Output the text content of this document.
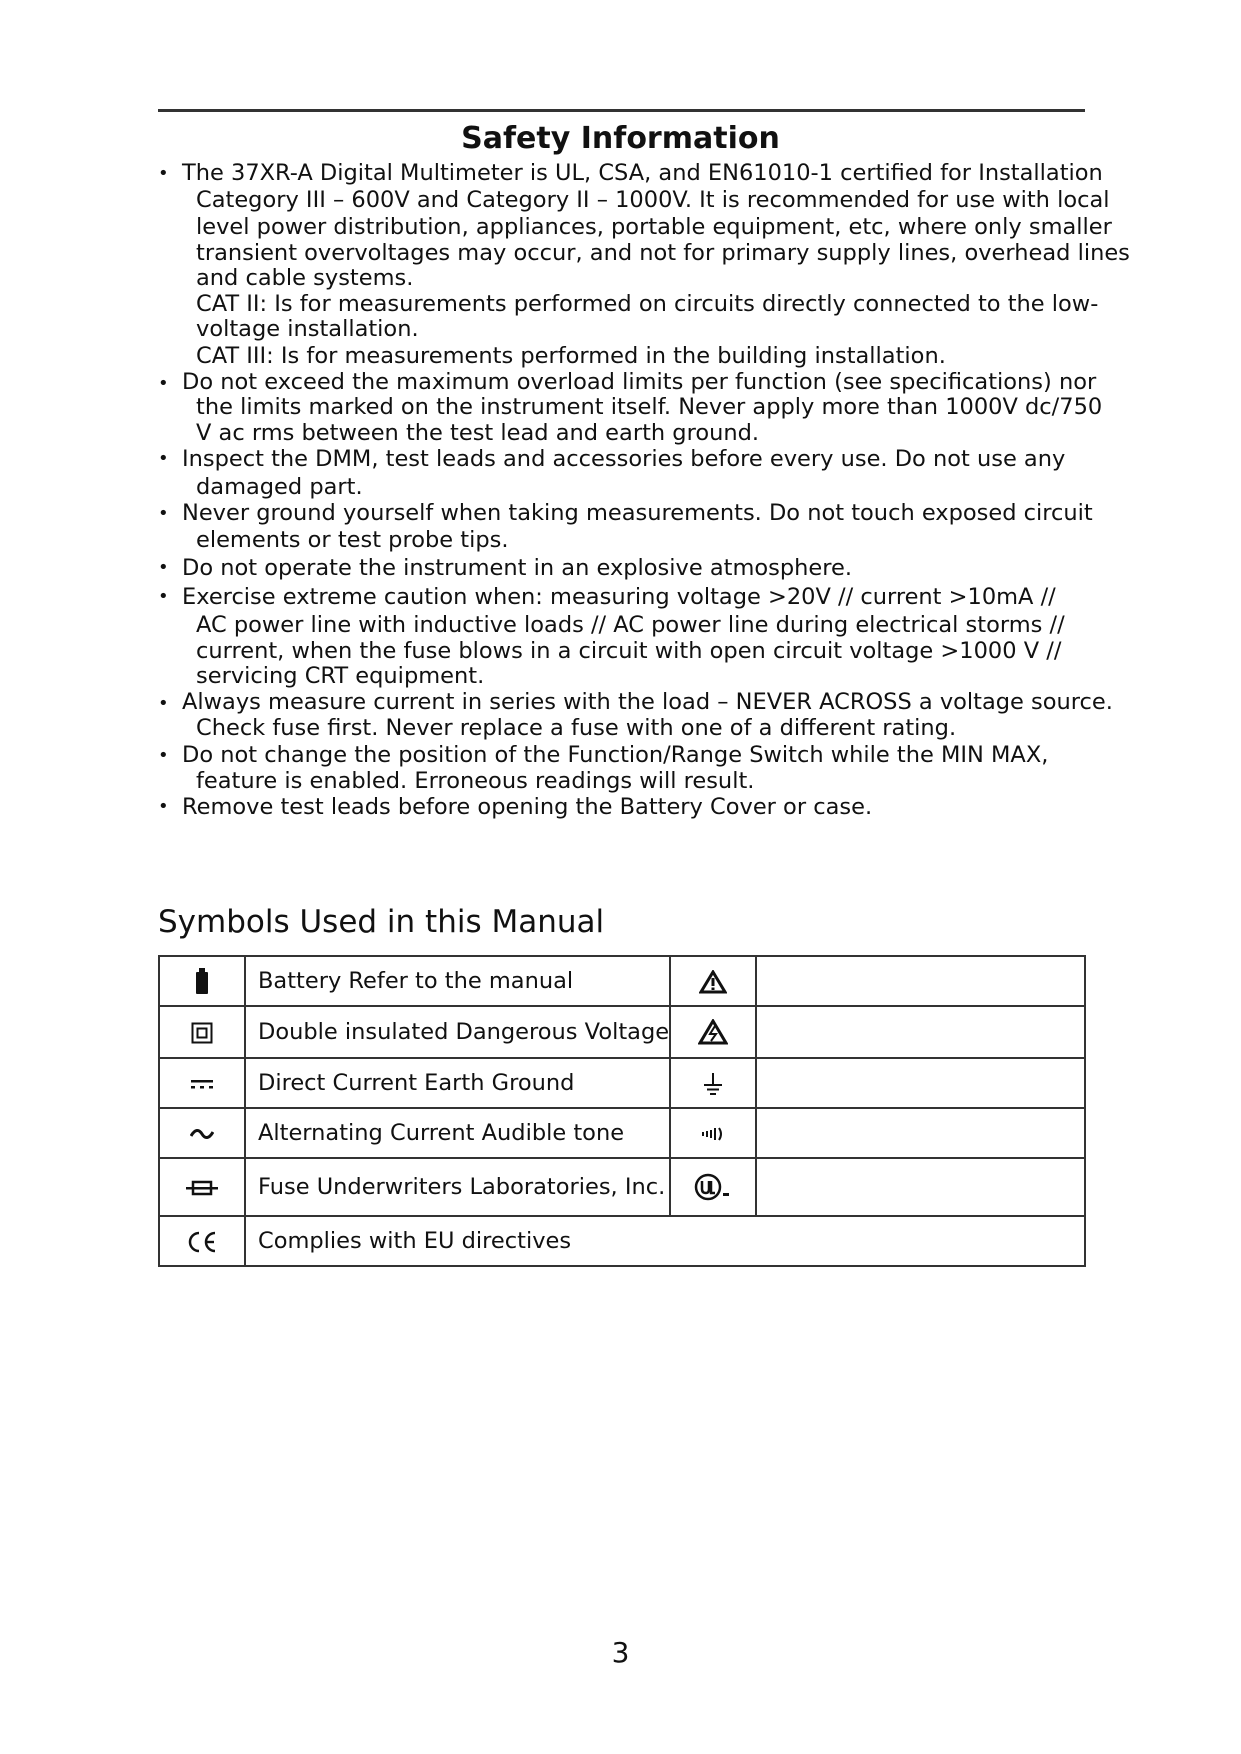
Safety Information
• The 37XR-A Digital Multimeter is UL, CSA, and EN61010-1 certified for Installation
Category III – 600V and Category II – 1000V. It is recommended for use with local
level power distribution, appliances, portable equipment, etc, where only smaller
transient overvoltages may occur, and not for primary supply lines, overhead lines
and cable systems.
CAT II: Is for measurements performed on circuits directly connected to the low-
voltage installation.
CAT III: Is for measurements performed in the building installation.
• Do not exceed the maximum overload limits per function (see specifications) nor
the limits marked on the instrument itself. Never apply more than 1000V dc/750
V ac rms between the test lead and earth ground.
• Inspect the DMM, test leads and accessories before every use. Do not use any
damaged part.
• Never ground yourself when taking measurements. Do not touch exposed circuit
elements or test probe tips.
• Do not operate the instrument in an explosive atmosphere.
• Exercise extreme caution when: measuring voltage >20V // current >10mA //
AC power line with inductive loads // AC power line during electrical storms //
current, when the fuse blows in a circuit with open circuit voltage >1000 V //
servicing CRT equipment.
• Always measure current in series with the load – NEVER ACROSS a voltage source.
Check fuse first. Never replace a fuse with one of a different rating.
• Do not change the position of the Function/Range Switch while the MIN MAX,
feature is enabled. Erroneous readings will result.
• Remove test leads before opening the Battery Cover or case.
Symbols Used in this Manual
	Battery Refer to the manual		
	Double insulated Dangerous Voltage		
	Direct Current Earth Ground		
	Alternating Current Audible tone		
	Fuse Underwriters Laboratories, Inc.		
	Complies with EU directives		
3
